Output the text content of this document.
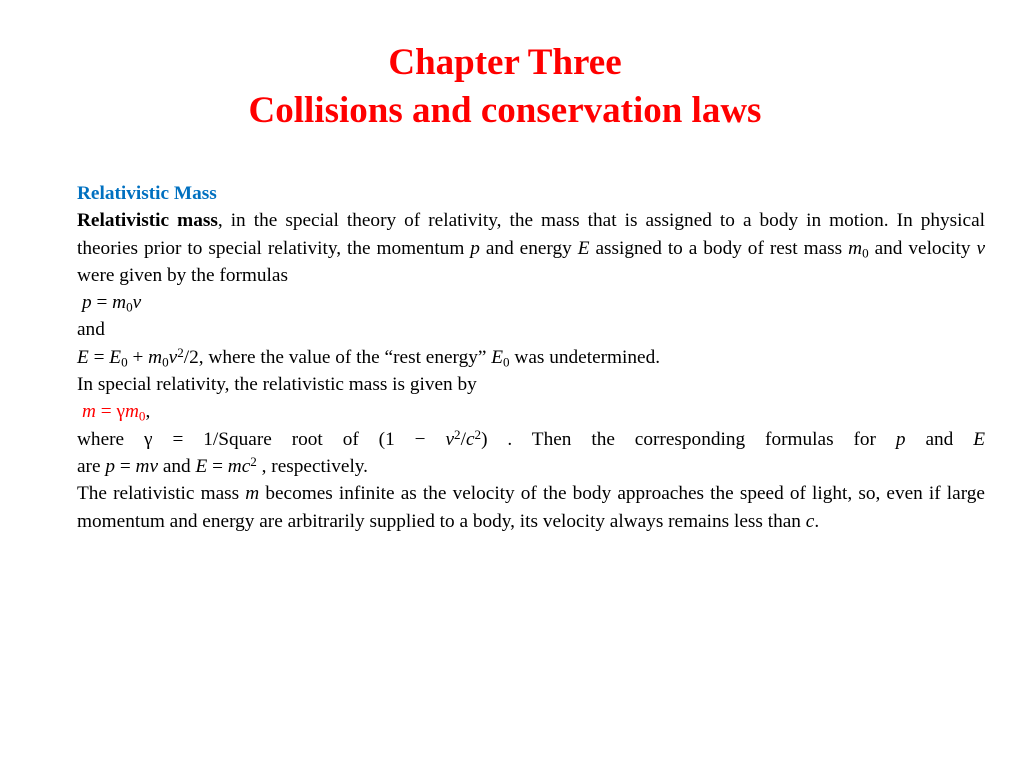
Chapter Three
Collisions and conservation laws
Relativistic Mass
Relativistic mass, in the special theory of relativity, the mass that is assigned to a body in motion. In physical theories prior to special relativity, the momentum p and energy E assigned to a body of rest mass $m_0$ and velocity v were given by the formulas
$p = m_0v$
and
$E = E_0 + m_0v^2/2$, where the value of the “rest energy” $E_0$ was undetermined.
In special relativity, the relativistic mass is given by
$m = \gamma m_0$,
where γ = 1/Square root of $(1 - v^2/c^2)$ . Then the corresponding formulas for p and E
are p = mv and $E = mc^2$ , respectively.
The relativistic mass m becomes infinite as the velocity of the body approaches the speed of light, so, even if large momentum and energy are arbitrarily supplied to a body, its velocity always remains less than c.
